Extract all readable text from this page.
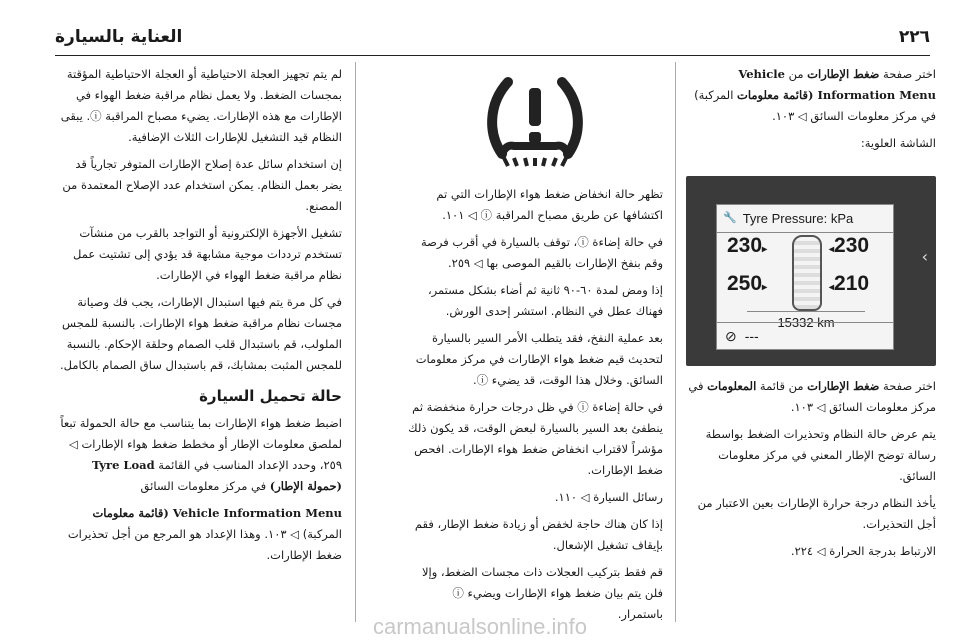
٢٢٦
العناية بالسيارة

اختر صفحة ضغط الإطارات من Vehicle Information Menu (قائمة معلومات المركبة) في مركز معلومات السائق ◁ ١٠٣.

الشاشة العلوية:

‹
🔧 Tyre Pressure: kPa
230▸	◂230
250▸	◂210
15332 km
⊘ ---

اختر صفحة ضغط الإطارات من قائمة المعلومات في مركز معلومات السائق ◁ ١٠٣.

يتم عرض حالة النظام وتحذيرات الضغط بواسطة رسالة توضح الإطار المعني في مركز معلومات السائق.

يأخذ النظام درجة حرارة الإطارات بعين الاعتبار من أجل التحذيرات.

الارتباط بدرجة الحرارة ◁ ٢٢٤.

تظهر حالة انخفاض ضغط هواء الإطارات التي تم اكتشافها عن طريق مصباح المراقبة ⓘ ◁ ١٠١.

في حالة إضاءة ⓘ، توقف بالسيارة في أقرب فرصة وقم بنفخ الإطارات بالقيم الموصى بها ◁ ٢٥٩.

إذا ومض لمدة ٦٠-٩٠ ثانية ثم أضاء بشكل مستمر، فهناك عطل في النظام. استشر إحدى الورش.

بعد عملية النفخ، فقد يتطلب الأمر السير بالسيارة لتحديث قيم ضغط هواء الإطارات في مركز معلومات السائق. وخلال هذا الوقت، قد يضيء ⓘ.

في حالة إضاءة ⓘ في ظل درجات حرارة منخفضة ثم ينطفئ بعد السير بالسيارة لبعض الوقت، قد يكون ذلك مؤشراً لاقتراب انخفاض ضغط هواء الإطارات. افحص ضغط الإطارات.

رسائل السيارة ◁ ١١٠.

إذا كان هناك حاجة لخفض أو زيادة ضغط الإطار، فقم بإيقاف تشغيل الإشعال.

قم فقط بتركيب العجلات ذات مجسات الضغط، وإلا فلن يتم بيان ضغط هواء الإطارات ويضيء ⓘ باستمرار.

لم يتم تجهيز العجلة الاحتياطية أو العجلة الاحتياطية المؤقتة بمجسات الضغط. ولا يعمل نظام مراقبة ضغط الهواء في الإطارات مع هذه الإطارات. يضيء مصباح المراقبة ⓘ. يبقى النظام قيد التشغيل للإطارات الثلاث الإضافية.

إن استخدام سائل عدة إصلاح الإطارات المتوفر تجارياً قد يضر بعمل النظام. يمكن استخدام عدد الإصلاح المعتمدة من المصنع.

تشغيل الأجهزة الإلكترونية أو التواجد بالقرب من منشآت تستخدم ترددات موجية مشابهة قد يؤدي إلى تشتيت عمل نظام مراقبة ضغط الهواء في الإطارات.

في كل مرة يتم فيها استبدال الإطارات، يجب فك وصيانة مجسات نظام مراقبة ضغط هواء الإطارات. بالنسبة للمجس الملولب، قم باستبدال قلب الصمام وحلقة الإحكام. بالنسبة للمجس المثبت بمشابك، قم باستبدال ساق الصمام بالكامل.

حالة تحميل السيارة

اضبط ضغط هواء الإطارات بما يتناسب مع حالة الحمولة تبعاً لملصق معلومات الإطار أو مخطط ضغط هواء الإطارات ◁ ٢٥٩، وحدد الإعداد المناسب في القائمة Tyre Load (حمولة الإطار) في مركز معلومات السائق

Vehicle Information Menu (قائمة معلومات المركبة) ◁ ١٠٣. وهذا الإعداد هو المرجع من أجل تحذيرات ضغط الإطارات.

carmanualsonline.info
